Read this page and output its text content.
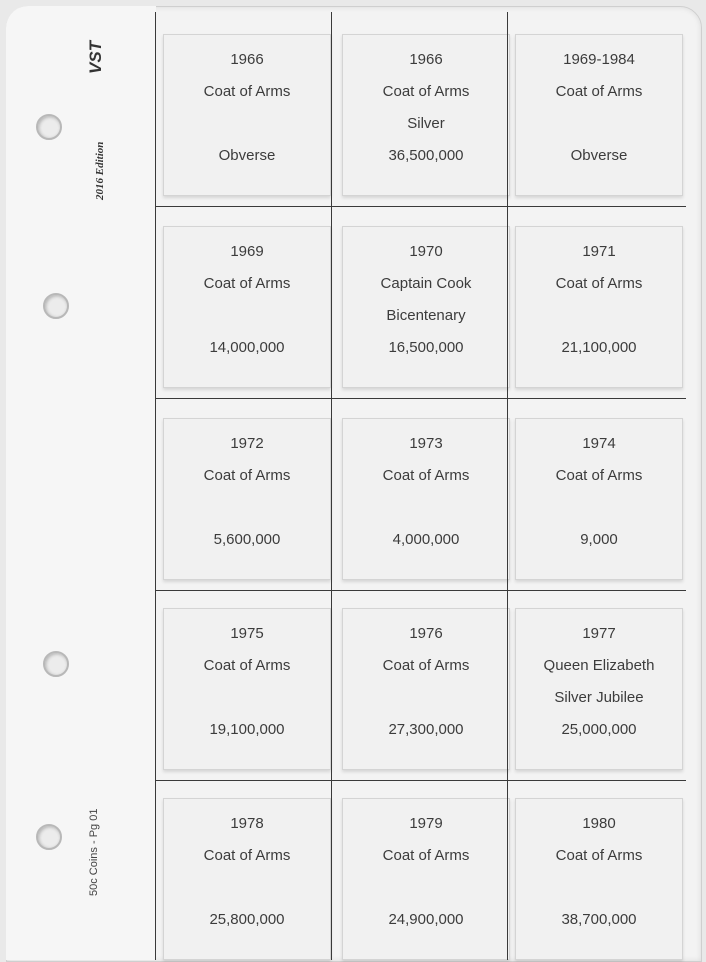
VST
2016 Edition
50c Coins - Pg 01
1966
Coat of Arms
Obverse
1966
Coat of Arms
Silver
36,500,000
1969-1984
Coat of Arms
Obverse
1969
Coat of Arms
14,000,000
1970
Captain Cook
Bicentenary
16,500,000
1971
Coat of Arms
21,100,000
1972
Coat of Arms
5,600,000
1973
Coat of Arms
4,000,000
1974
Coat of Arms
9,000
1975
Coat of Arms
19,100,000
1976
Coat of Arms
27,300,000
1977
Queen Elizabeth
Silver Jubilee
25,000,000
1978
Coat of Arms
25,800,000
1979
Coat of Arms
24,900,000
1980
Coat of Arms
38,700,000
